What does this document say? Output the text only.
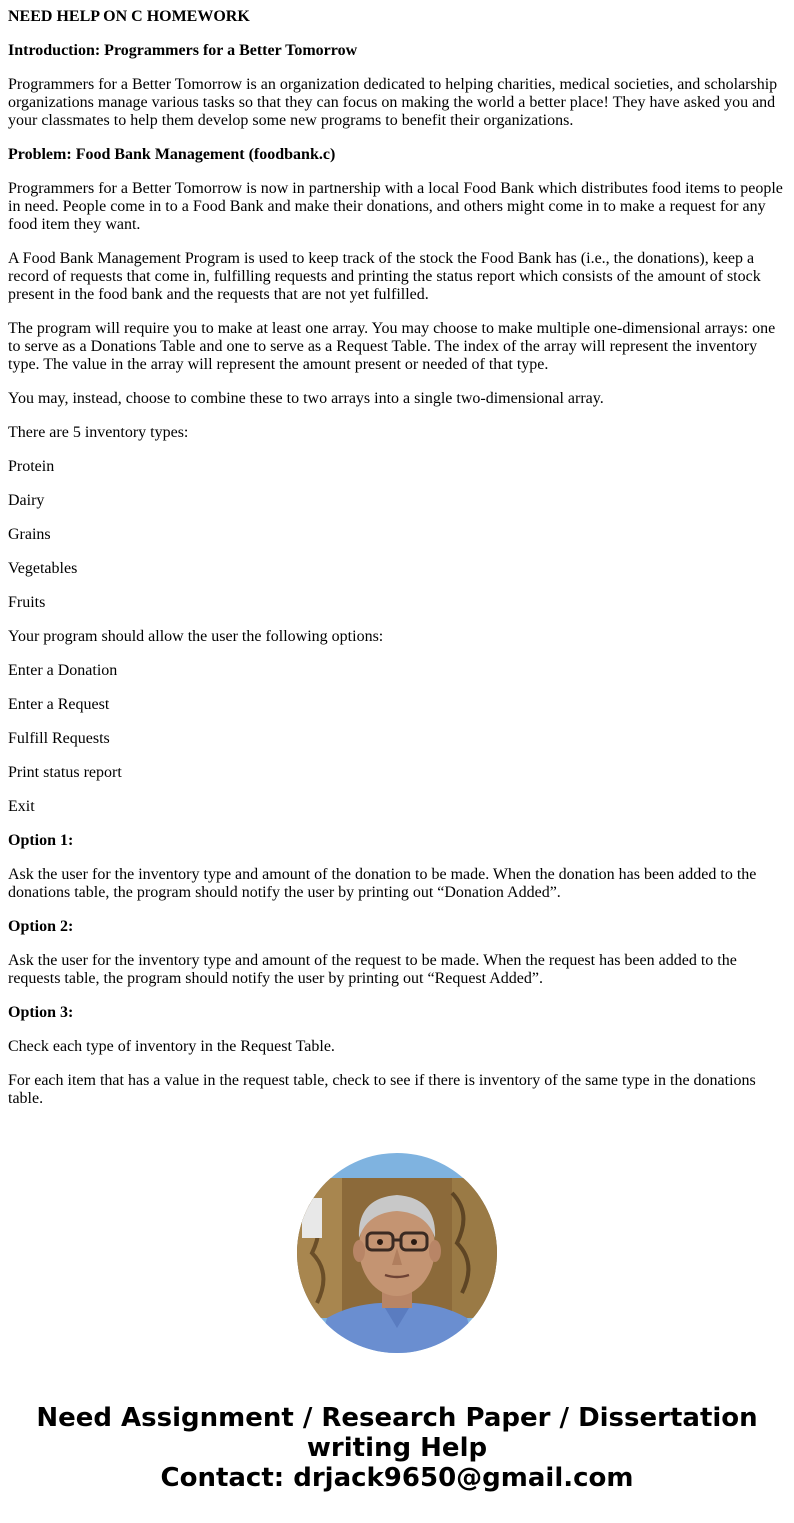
NEED HELP ON C HOMEWORK

Introduction: Programmers for a Better Tomorrow

Programmers for a Better Tomorrow is an organization dedicated to helping charities, medical societies, and scholarship organizations manage various tasks so that they can focus on making the world a better place! They have asked you and your classmates to help them develop some new programs to benefit their organizations.

Problem: Food Bank Management (foodbank.c)

Programmers for a Better Tomorrow is now in partnership with a local Food Bank which distributes food items to people in need. People come in to a Food Bank and make their donations, and others might come in to make a request for any food item they want.

A Food Bank Management Program is used to keep track of the stock the Food Bank has (i.e., the donations), keep a record of requests that come in, fulfilling requests and printing the status report which consists of the amount of stock present in the food bank and the requests that are not yet fulfilled.

The program will require you to make at least one array. You may choose to make multiple one-dimensional arrays: one to serve as a Donations Table and one to serve as a Request Table. The index of the array will represent the inventory type. The value in the array will represent the amount present or needed of that type.

You may, instead, choose to combine these to two arrays into a single two-dimensional array.

There are 5 inventory types:

Protein

Dairy

Grains

Vegetables

Fruits

Your program should allow the user the following options:

Enter a Donation

Enter a Request

Fulfill Requests

Print status report

Exit

Option 1:

Ask the user for the inventory type and amount of the donation to be made. When the donation has been added to the donations table, the program should notify the user by printing out “Donation Added”.

Option 2:

Ask the user for the inventory type and amount of the request to be made. When the request has been added to the requests table, the program should notify the user by printing out “Request Added”.

Option 3:

Check each type of inventory in the Request Table.

For each item that has a value in the request table, check to see if there is inventory of the same type in the donations table.

Need Assignment / Research Paper / Dissertation
writing Help
Contact: drjack9650@gmail.com
